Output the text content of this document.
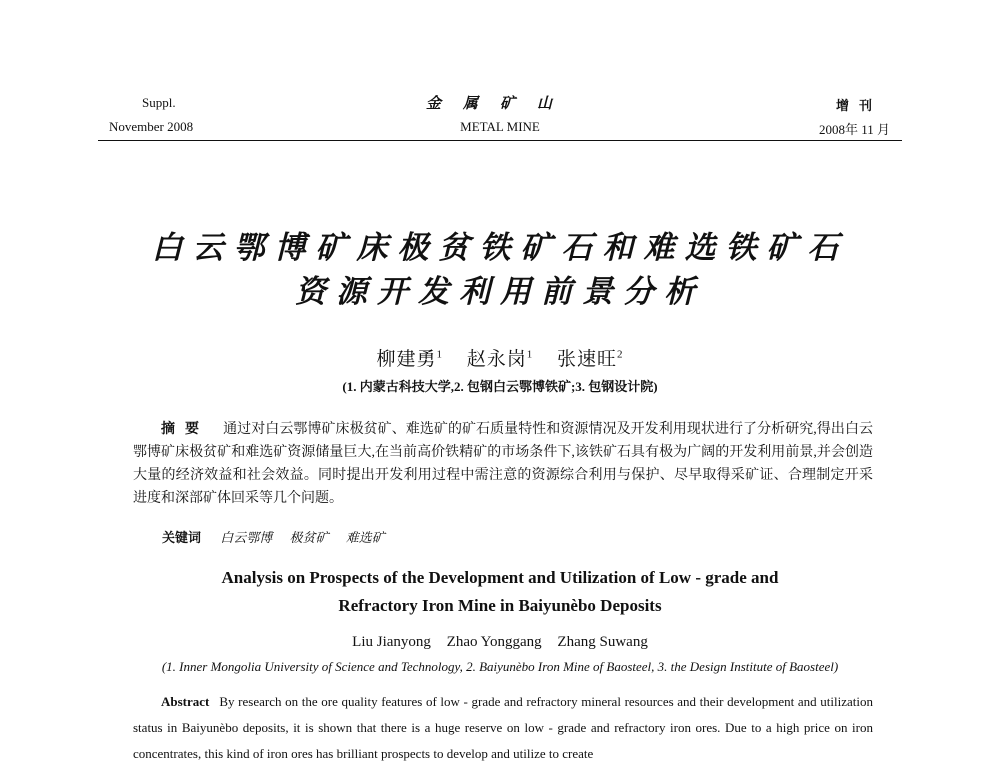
Suppl.
November 2008
金属矿山
METAL MINE
增刊
2008年 11 月
白云鄂博矿床极贫铁矿石和难选铁矿石
资源开发利用前景分析
柳建勇$^1$ 赵永岗$^1$ 张速旺$^2$
(1. 内蒙古科技大学,2. 包钢白云鄂博铁矿;3. 包钢设计院)
摘要 通过对白云鄂博矿床极贫矿、难选矿的矿石质量特性和资源情况及开发利用现状进行了分析研究,得出白云鄂博矿床极贫矿和难选矿资源储量巨大,在当前高价铁精矿的市场条件下,该铁矿石具有极为广阔的开发利用前景,并会创造大量的经济效益和社会效益。同时提出开发利用过程中需注意的资源综合利用与保护、尽早取得采矿证、合理制定开采进度和深部矿体回采等几个问题。
关键词 白云鄂博 极贫矿 难选矿
Analysis on Prospects of the Development and Utilization of Low - grade and
Refractory Iron Mine in Baiyunèbo Deposits
Liu Jianyong Zhao Yonggang Zhang Suwang
(1. Inner Mongolia University of Science and Technology, 2. Baiyunèbo Iron Mine of Baosteel, 3. the Design Institute of Baosteel)
Abstract By research on the ore quality features of low - grade and refractory mineral resources and their development and utilization status in Baiyunèbo deposits, it is shown that there is a huge reserve on low - grade and refractory iron ores. Due to a high price on iron concentrates, this kind of iron ores has brilliant prospects to develop and utilize to create
